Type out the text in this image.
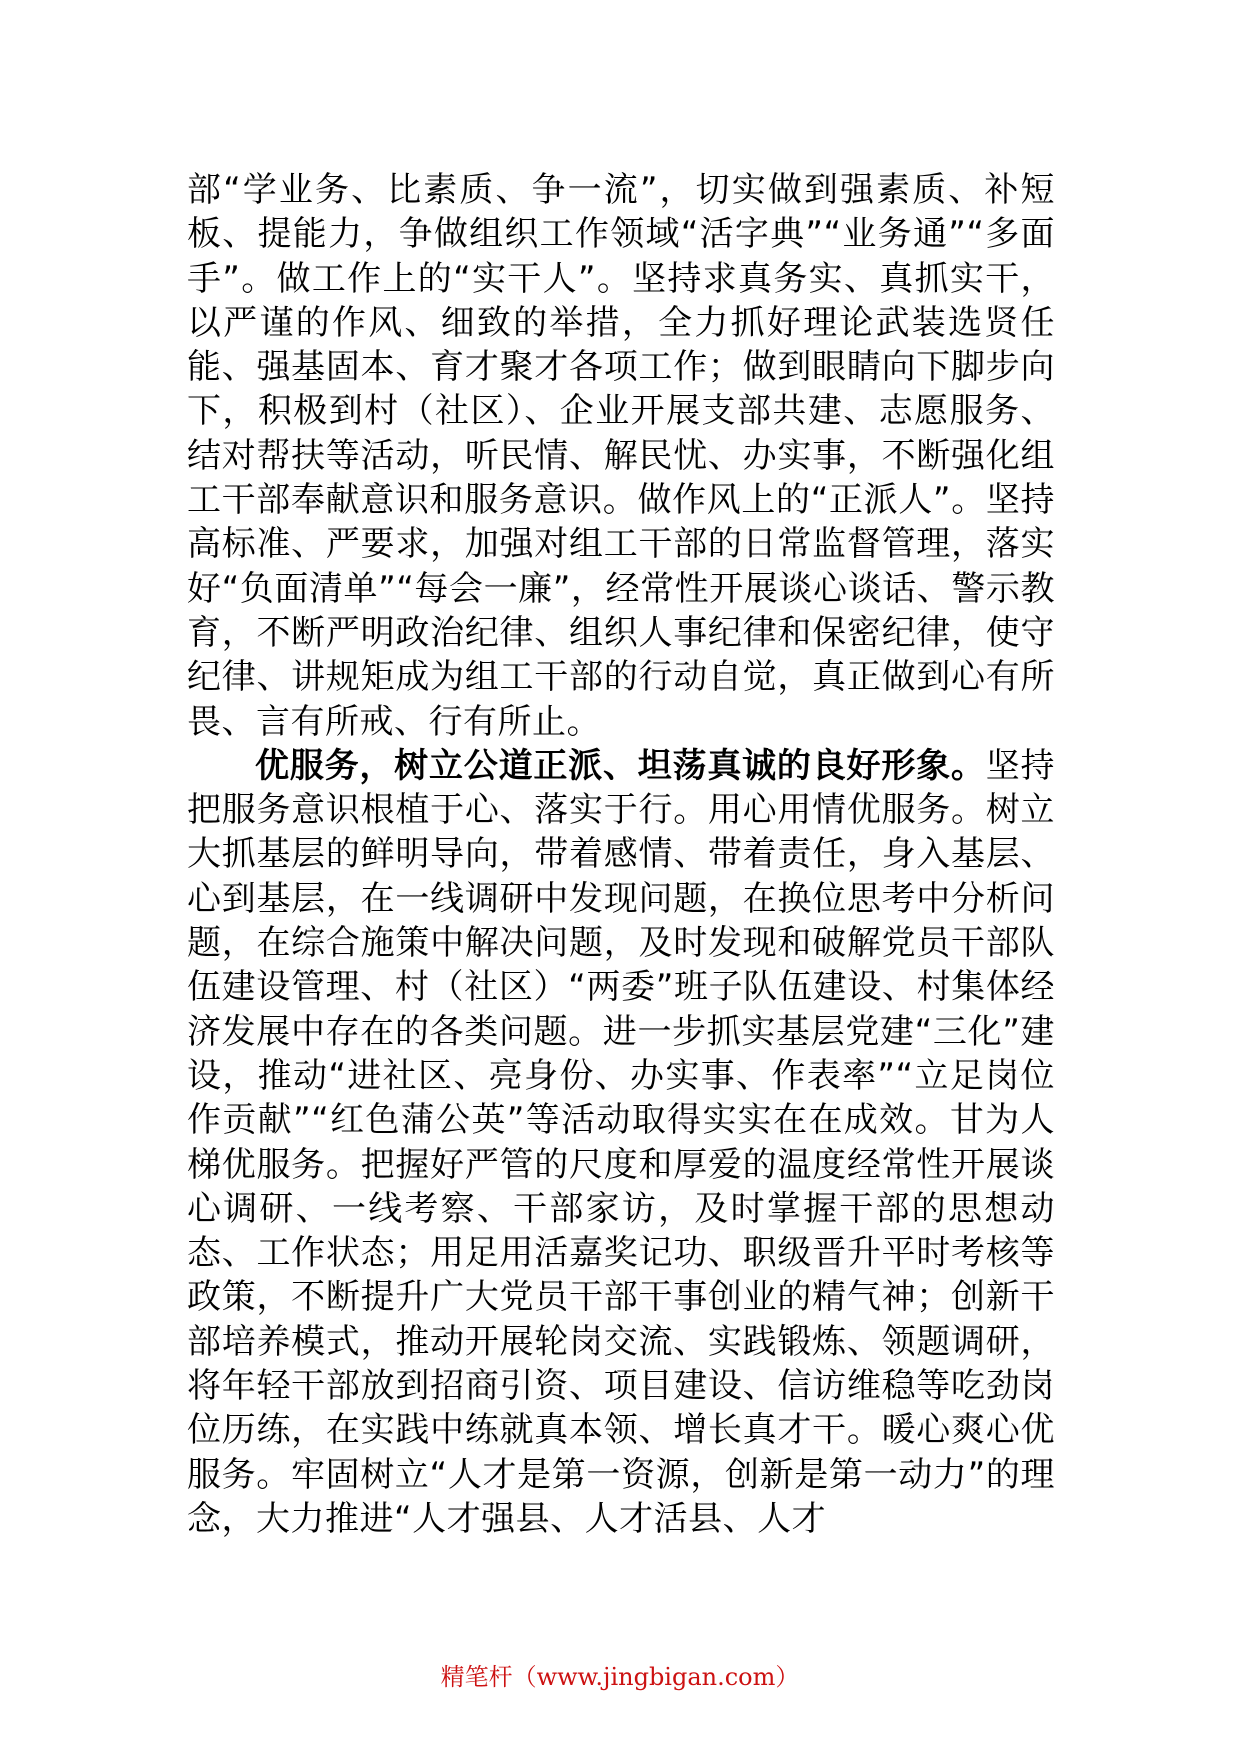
部“学业务、比素质、争一流”，切实做到强素质、补短板、提能力，争做组织工作领域“活字典”“业务通”“多面手”。做工作上的“实干人”。坚持求真务实、真抓实干，以严谨的作风、细致的举措，全力抓好理论武装选贤任能、强基固本、育才聚才各项工作；做到眼睛向下脚步向下，积极到村（社区）、企业开展支部共建、志愿服务、结对帮扶等活动，听民情、解民忧、办实事，不断强化组工干部奉献意识和服务意识。做作风上的“正派人”。坚持高标准、严要求，加强对组工干部的日常监督管理，落实好“负面清单”“每会一廉”，经常性开展谈心谈话、警示教育，不断严明政治纪律、组织人事纪律和保密纪律，使守纪律、讲规矩成为组工干部的行动自觉，真正做到心有所畏、言有所戒、行有所止。

优服务，树立公道正派、坦荡真诚的良好形象。坚持把服务意识根植于心、落实于行。用心用情优服务。树立大抓基层的鲜明导向，带着感情、带着责任，身入基层、心到基层，在一线调研中发现问题，在换位思考中分析问题，在综合施策中解决问题，及时发现和破解党员干部队伍建设管理、村（社区）“两委”班子队伍建设、村集体经济发展中存在的各类问题。进一步抓实基层党建“三化”建设，推动“进社区、亮身份、办实事、作表率”“立足岗位作贡献”“红色蒲公英”等活动取得实实在在成效。甘为人梯优服务。把握好严管的尺度和厚爱的温度经常性开展谈心调研、一线考察、干部家访，及时掌握干部的思想动态、工作状态；用足用活嘉奖记功、职级晋升平时考核等政策，不断提升广大党员干部干事创业的精气神；创新干部培养模式，推动开展轮岗交流、实践锻炼、领题调研，将年轻干部放到招商引资、项目建设、信访维稳等吃劲岗位历练，在实践中练就真本领、增长真才干。暖心爽心优服务。牢固树立“人才是第一资源，创新是第一动力”的理念，大力推进“人才强县、人才活县、人才

精笔杆（www.jingbigan.com）
